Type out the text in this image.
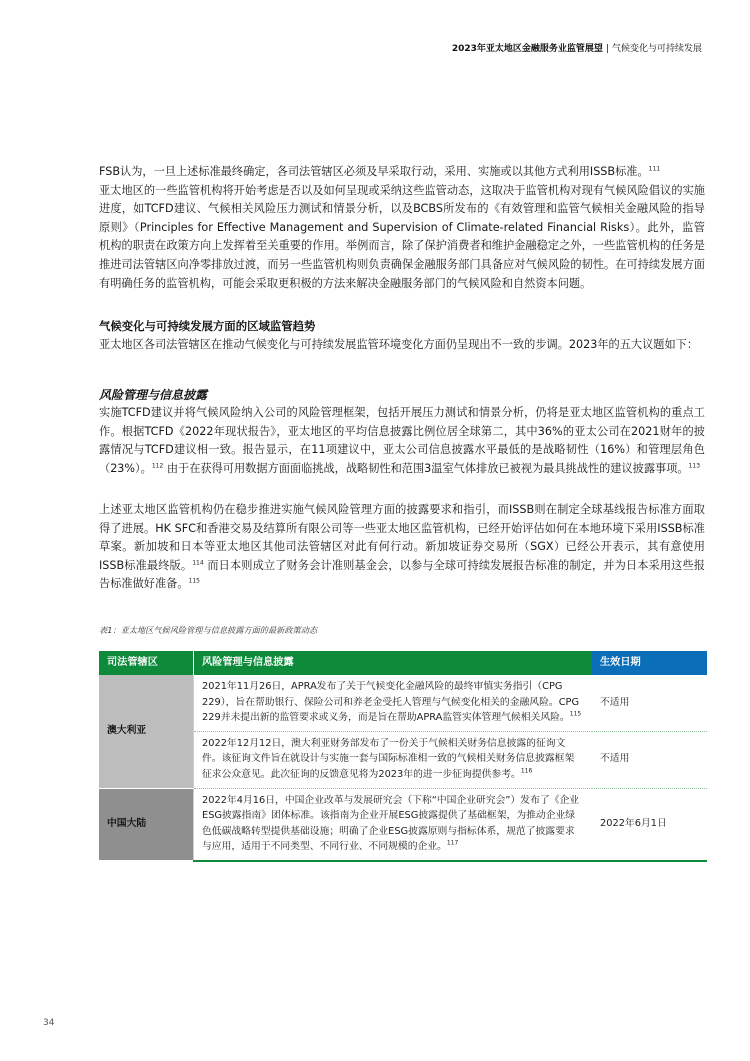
2023年亚太地区金融服务业监管展望 | 气候变化与可持续发展

FSB认为，一旦上述标准最终确定，各司法管辖区必须及早采取行动，采用、实施或以其他方式利用ISSB标准。$^{111}$
亚太地区的一些监管机构将开始考虑是否以及如何呈现或采纳这些监管动态，这取决于监管机构对现有气候风险倡议的实施进度，如TCFD建议、气候相关风险压力测试和情景分析，以及BCBS所发布的《有效管理和监管气候相关金融风险的指导原则》（Principles for Effective Management and Supervision of Climate-related Financial Risks）。此外，监管机构的职责在政策方向上发挥着至关重要的作用。举例而言，除了保护消费者和维护金融稳定之外，一些监管机构的任务是推进司法管辖区向净零排放过渡，而另一些监管机构则负责确保金融服务部门具备应对气候风险的韧性。在可持续发展方面有明确任务的监管机构，可能会采取更积极的方法来解决金融服务部门的气候风险和自然资本问题。

气候变化与可持续发展方面的区域监管趋势

亚太地区各司法管辖区在推动气候变化与可持续发展监管环境变化方面仍呈现出不一致的步调。2023年的五大议题如下：

风险管理与信息披露

实施TCFD建议并将气候风险纳入公司的风险管理框架，包括开展压力测试和情景分析，仍将是亚太地区监管机构的重点工作。根据TCFD《2022年现状报告》，亚太地区的平均信息披露比例位居全球第二，其中36%的亚太公司在2021财年的披露情况与TCFD建议相一致。报告显示，在11项建议中，亚太公司信息披露水平最低的是战略韧性（16%）和管理层角色（23%）。$^{112}$ 由于在获得可用数据方面面临挑战，战略韧性和范围3温室气体排放已被视为最具挑战性的建议披露事项。$^{113}$

上述亚太地区监管机构仍在稳步推进实施气候风险管理方面的披露要求和指引，而ISSB则在制定全球基线报告标准方面取得了进展。HK SFC和香港交易及结算所有限公司等一些亚太地区监管机构，已经开始评估如何在本地环境下采用ISSB标准草案。新加坡和日本等亚太地区其他司法管辖区对此有何行动。新加坡证券交易所（SGX）已经公开表示，其有意使用ISSB标准最终版。$^{114}$ 而日本则成立了财务会计准则基金会，以参与全球可持续发展报告标准的制定，并为日本采用这些报告标准做好准备。$^{115}$

表1：亚太地区气候风险管理与信息披露方面的最新政策动态
司法管辖区	风险管理与信息披露	生效日期
澳大利亚	2021年11月26日，APRA发布了关于气候变化金融风险的最终审慎实务指引（CPG 229），旨在帮助银行、保险公司和养老金受托人管理与气候变化相关的金融风险。CPG 229并未提出新的监管要求或义务，而是旨在帮助APRA监管实体管理气候相关风险。$^{115}$	不适用
	2022年12月12日，澳大利亚财务部发布了一份关于气候相关财务信息披露的征询文件。该征询文件旨在就设计与实施一套与国际标准相一致的气候相关财务信息披露框架征求公众意见。此次征询的反馈意见将为2023年的进一步征询提供参考。$^{116}$	不适用
中国大陆	2022年4月16日，中国企业改革与发展研究会（下称“中国企业研究会”）发布了《企业ESG披露指南》团体标准。该指南为企业开展ESG披露提供了基础框架，为推动企业绿色低碳战略转型提供基础设施；明确了企业ESG披露原则与指标体系，规范了披露要求与应用，适用于不同类型、不同行业、不同规模的企业。$^{117}$	2022年6月1日
34
